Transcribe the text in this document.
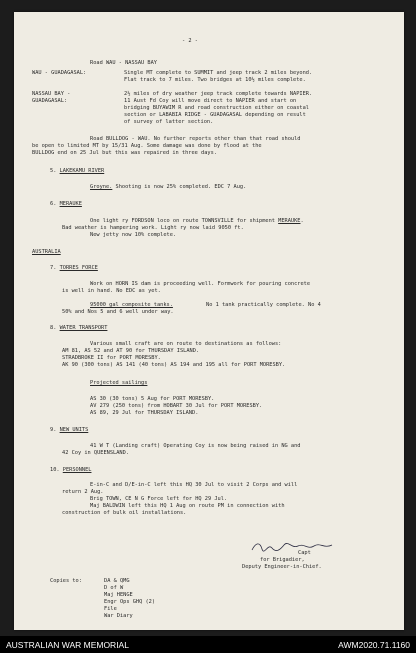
- 2 -
Road WAU - NASSAU BAY
WAU - GUADAGASAL:	Single MT complete to SUMMIT and jeep track 2 miles beyond.
Flat track to 7 miles. Two bridges at 10½ miles complete.
NASSAU BAY -
GUADAGASAL:
2½ miles of dry weather jeep track complete towards NAPIER.
11 Aust Fd Coy will move direct to NAPIER and start on
bridging BUYAWIM R and road construction either on coastal
section or LABABIA RIDGE - GUADAGASAL depending on result
of survey of latter section.
Road BULLDOG - WAU. No further reports other than that road should
be open to limited MT by 15/31 Aug. Some damage was done by flood at the
BULLDOG end on 25 Jul but this was repaired in three days.
5. LAKEKAMU RIVER
Groyne. Shooting is now 25% completed. EDC 7 Aug.
6. MERAUKE
One light ry FORDSON loco on route TOWNSVILLE for shipment MERAUKE.
Bad weather is hampering work. Light ry now laid 9050 ft.
New jetty now 10% complete.
AUSTRALIA
7. TORRES FORCE
Work on HORN IS dam is proceeding well. Formwork for pouring concrete
is well in hand. No EDC as yet.
95000 gal composite tanks.	No 1 tank practically complete. No 4
50% and Nos 5 and 6 well under way.
8. WATER TRANSPORT
Various small craft are on route to destinations as follows:
AM 81, AS 52 and AT 90 for THURSDAY ISLAND.
STRADBROKE II for PORT MORESBY.
AK 90 (300 tons) AS 141 (40 tons) AS 194 and 195 all for PORT MORESBY.
Projected sailings
AS 30 (30 tons) 5 Aug for PORT MORESBY.
AV 279 (250 tons) from HOBART 30 Jul for PORT MORESBY.
AS 89, 29 Jul for THURSDAY ISLAND.
9. NEW UNITS
41 W T (Landing craft) Operating Coy is now being raised in NG and
42 Coy in QUEENSLAND.
10. PERSONNEL
E-in-C and D/E-in-C left this HQ 30 Jul to visit 2 Corps and will
return 2 Aug.
Brig TOWN, CE N G Force left for HQ 29 Jul.
Maj BALDWIN left this HQ 1 Aug on route PM in connection with
construction of bulk oil installations.
Capt
for Brigadier,
Deputy Engineer-in-Chief.
Copies to:	DA & QMG
D of W
Maj HENGE
Engr Ops GHQ (2)
File
War Diary
AUSTRALIAN WAR MEMORIAL	AWM2020.71.1160
